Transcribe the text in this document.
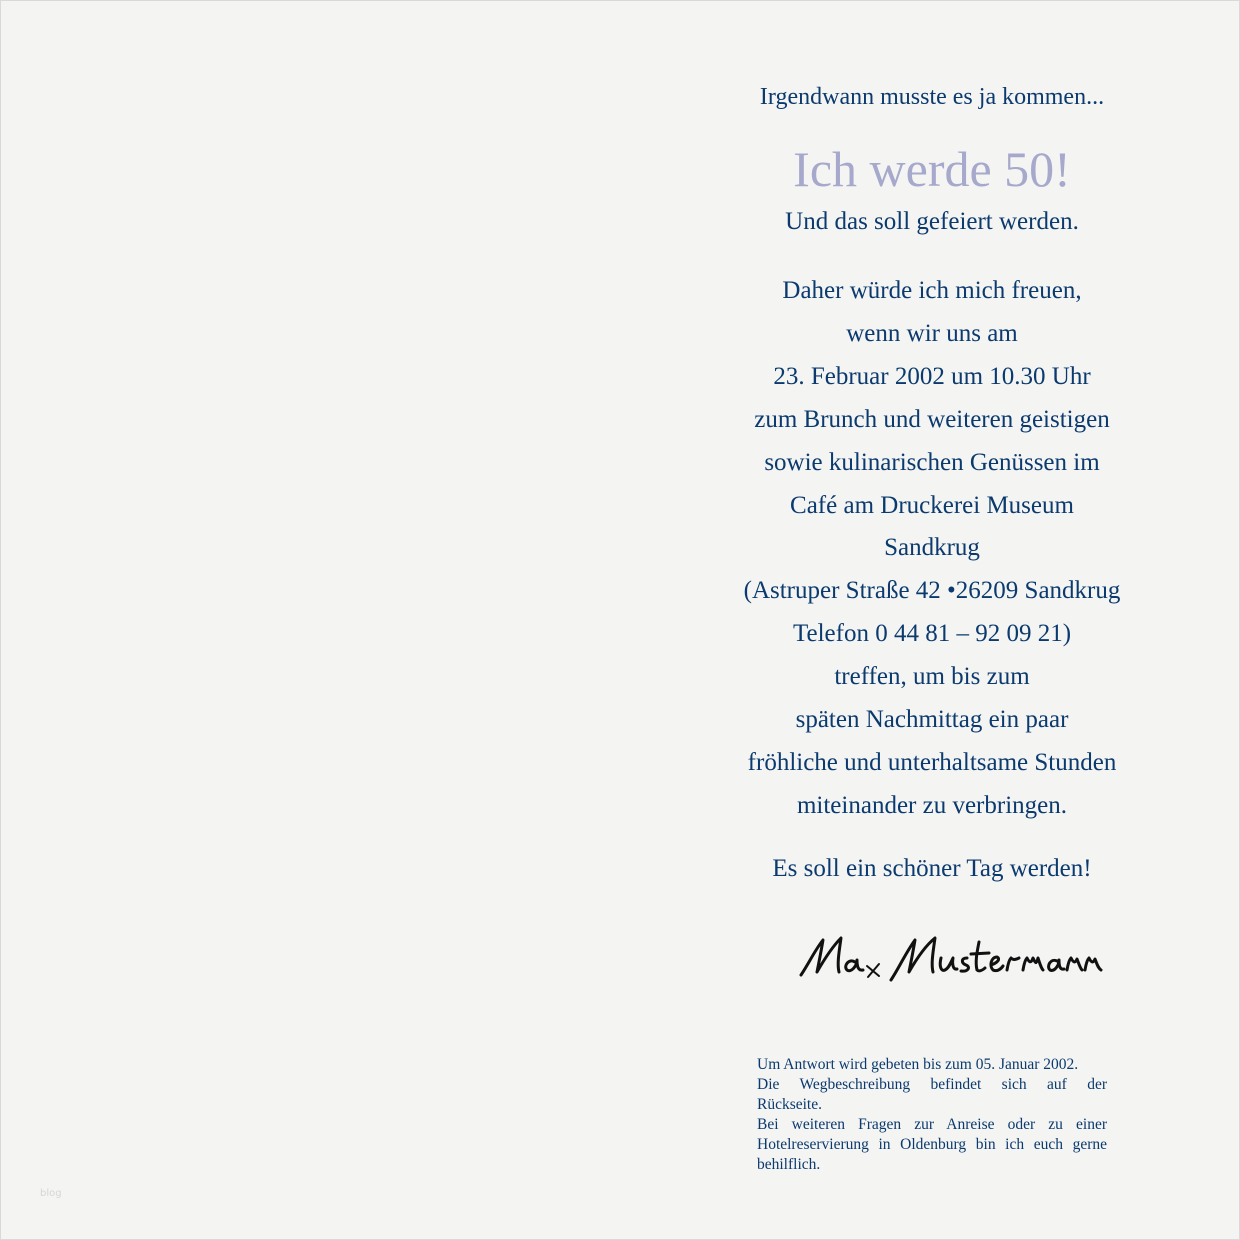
Irgendwann musste es ja kommen...
Ich werde 50!
Und das soll gefeiert werden.
Daher würde ich mich freuen,
wenn wir uns am
23. Februar 2002 um 10.30 Uhr
zum Brunch und weiteren geistigen
sowie kulinarischen Genüssen im
Café am Druckerei Museum
Sandkrug
(Astruper Straße 42 •26209 Sandkrug
Telefon 0 44 81 – 92 09 21)
treffen, um bis zum
späten Nachmittag ein paar
fröhliche und unterhaltsame Stunden
miteinander zu verbringen.
Es soll ein schöner Tag werden!
Um Antwort wird gebeten bis zum 05. Januar 2002.
Die Wegbeschreibung befindet sich auf der
Rückseite.
Bei weiteren Fragen zur Anreise oder zu einer
Hotelreservierung in Oldenburg bin ich euch gerne
behilflich.
blog
